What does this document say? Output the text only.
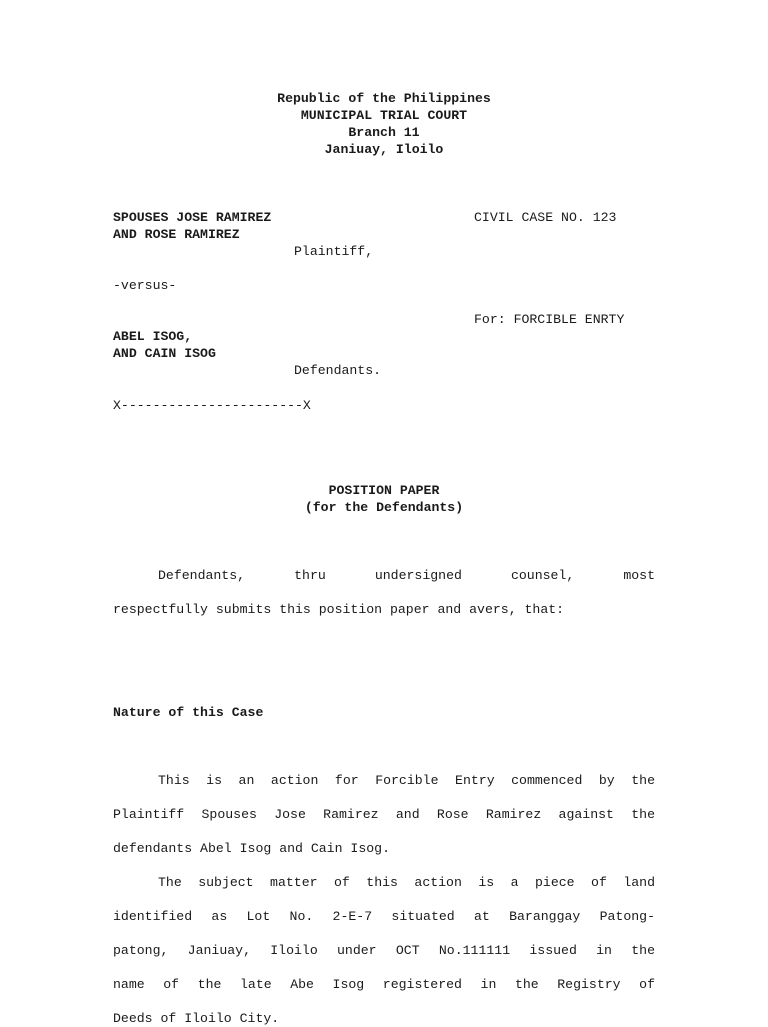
Republic of the Philippines
MUNICIPAL TRIAL COURT
Branch 11
Janiuay, Iloilo
SPOUSES JOSE RAMIREZ	CIVIL CASE NO. 123
AND ROSE RAMIREZ
Plaintiff,
-versus-
For: FORCIBLE ENRTY
ABEL ISOG,
AND CAIN ISOG
Defendants.
X-----------------------X
POSITION PAPER
(for the Defendants)
Defendants, thru undersigned counsel, most
respectfully submits this position paper and avers, that:
Nature of this Case
This is an action for Forcible Entry commenced by the
Plaintiff Spouses Jose Ramirez and Rose Ramirez against the
defendants Abel Isog and Cain Isog.
The subject matter of this action is a piece of land
identified as Lot No. 2-E-7 situated at Baranggay Patong-
patong, Janiuay, Iloilo under OCT No.111111 issued in the
name of the late Abe Isog registered in the Registry of
Deeds of Iloilo City.
